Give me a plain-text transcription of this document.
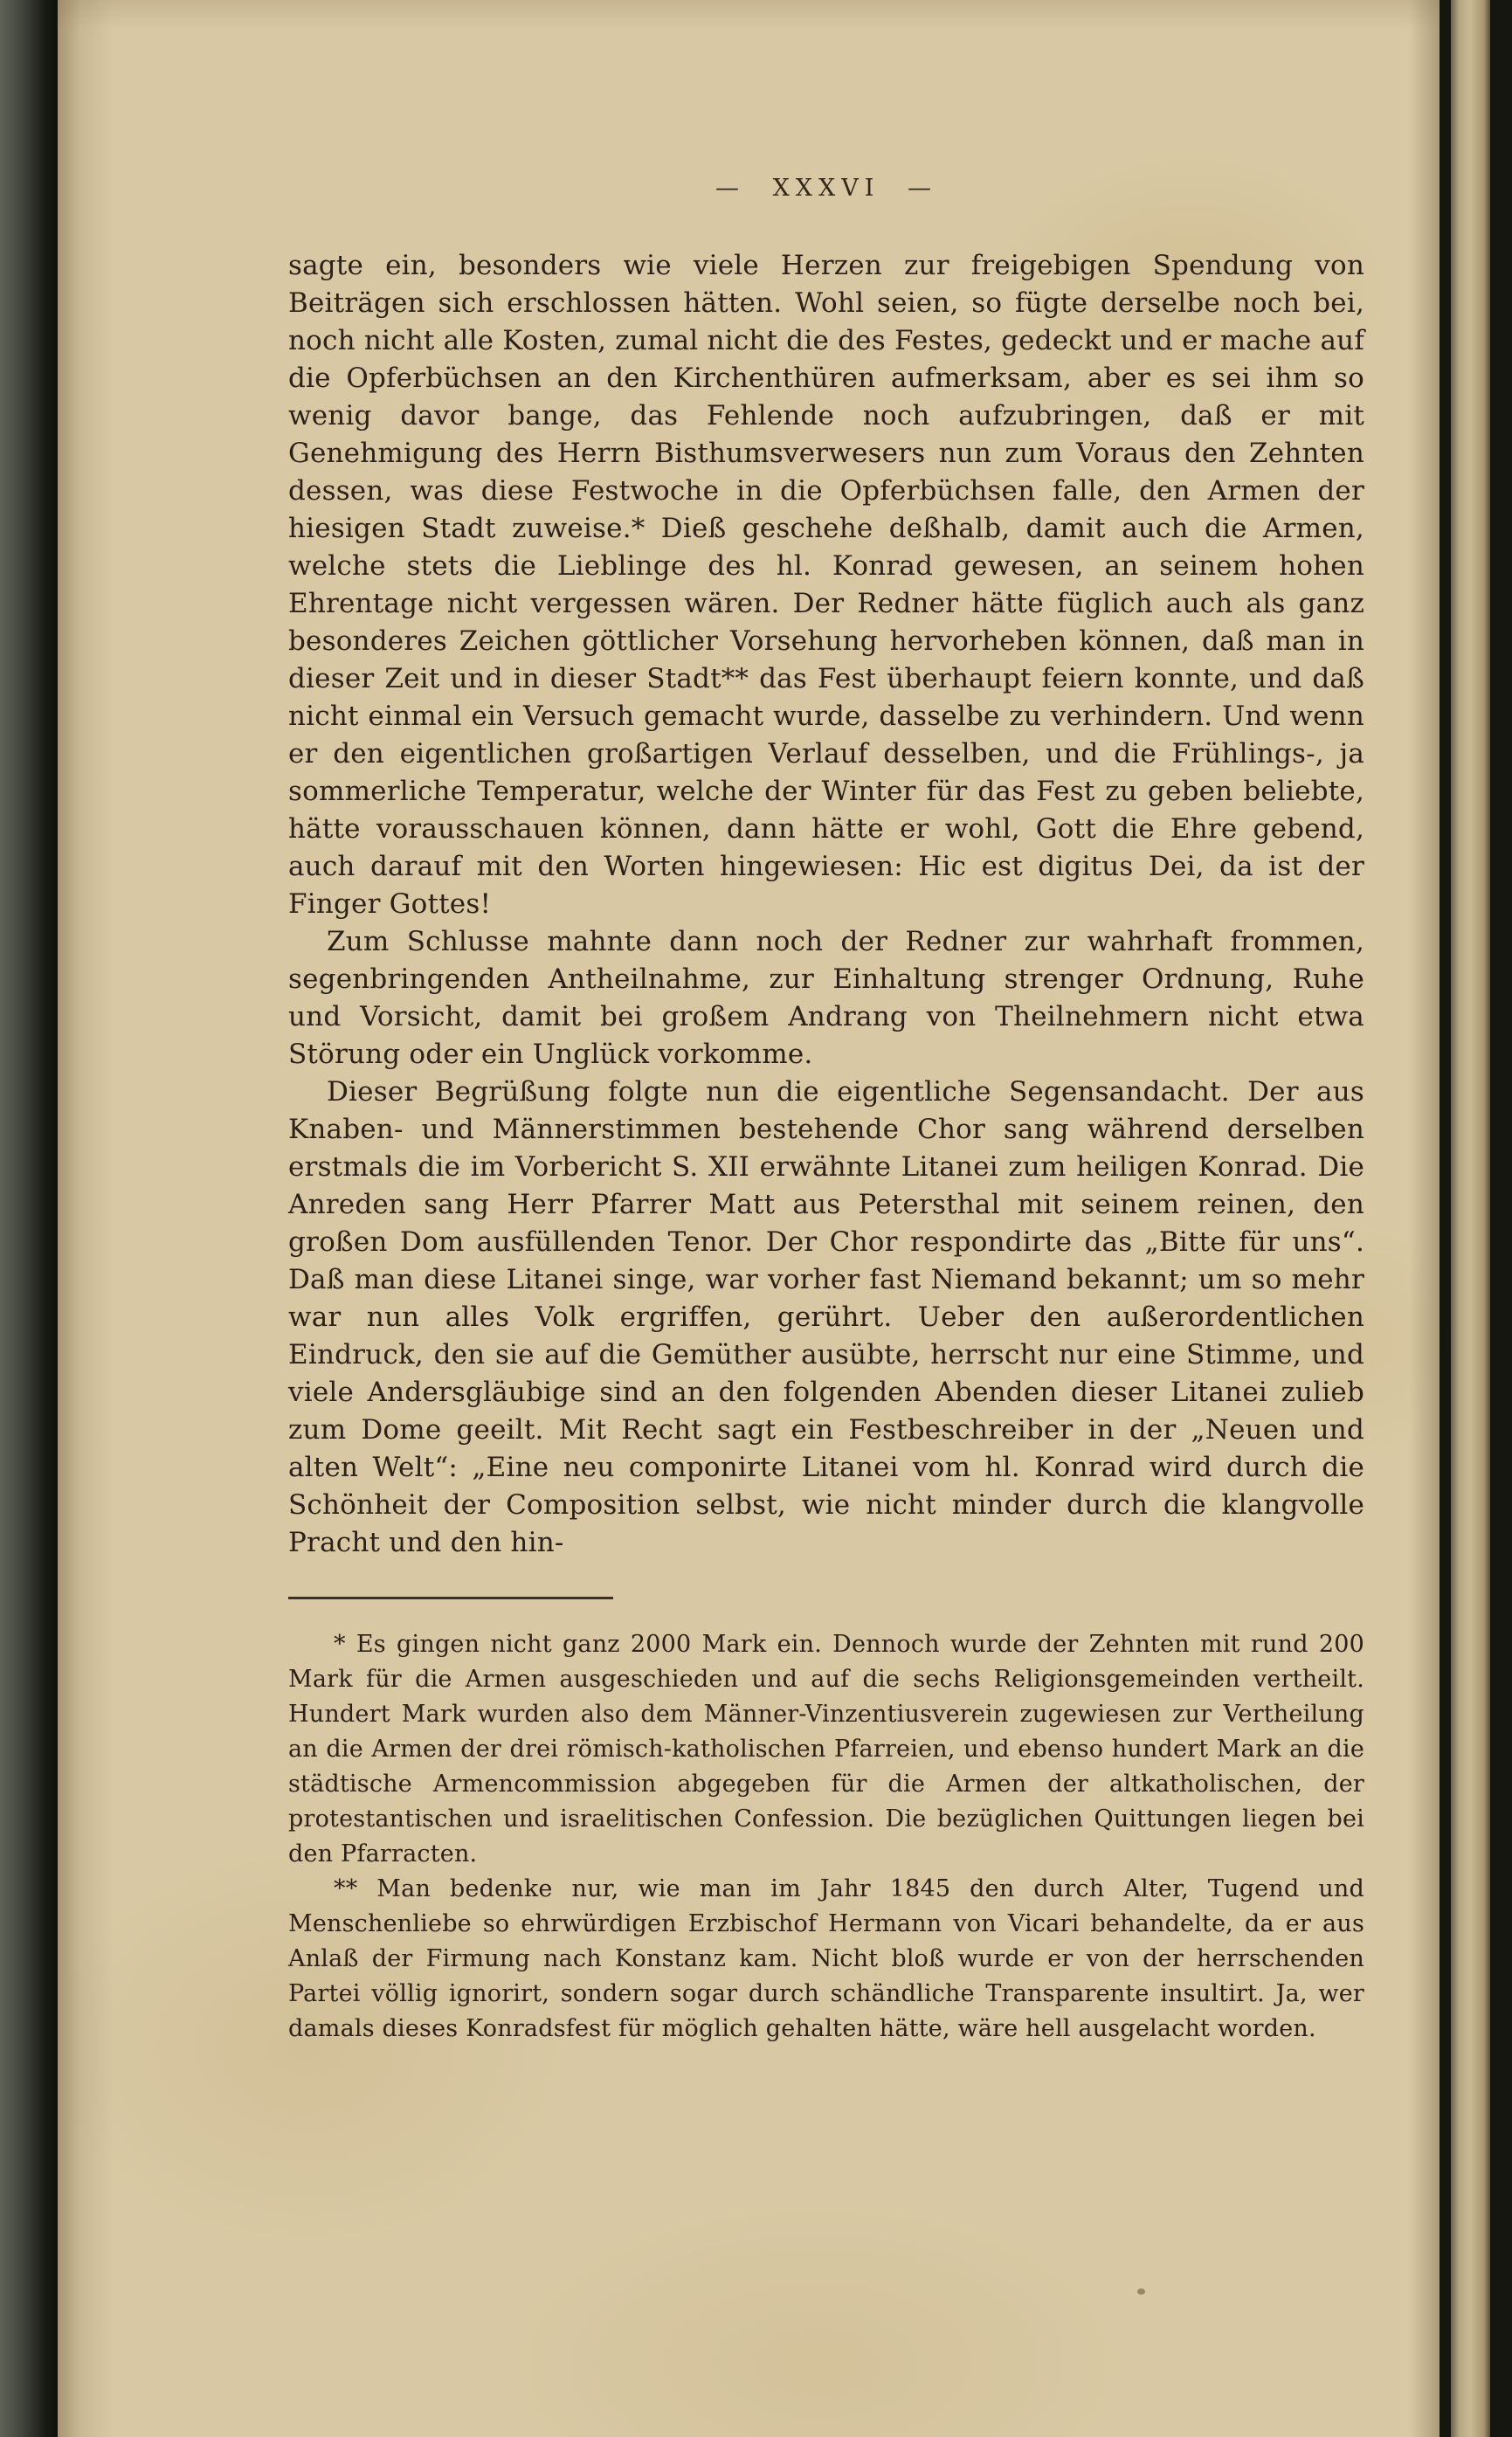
— XXXVI —

sagte ein, besonders wie viele Herzen zur freigebigen Spendung von Beiträgen sich erschlossen hätten. Wohl seien, so fügte derselbe noch bei, noch nicht alle Kosten, zumal nicht die des Festes, gedeckt und er mache auf die Opferbüchsen an den Kirchenthüren aufmerksam, aber es sei ihm so wenig davor bange, das Fehlende noch aufzubringen, daß er mit Genehmigung des Herrn Bisthumsverwesers nun zum Voraus den Zehnten dessen, was diese Festwoche in die Opferbüchsen falle, den Armen der hiesigen Stadt zuweise.* Dieß geschehe deßhalb, damit auch die Armen, welche stets die Lieblinge des hl. Konrad gewesen, an seinem hohen Ehrentage nicht vergessen wären. Der Redner hätte füglich auch als ganz besonderes Zeichen göttlicher Vorsehung hervorheben können, daß man in dieser Zeit und in dieser Stadt** das Fest überhaupt feiern konnte, und daß nicht einmal ein Versuch gemacht wurde, dasselbe zu verhindern. Und wenn er den eigentlichen großartigen Verlauf desselben, und die Frühlings-, ja sommerliche Temperatur, welche der Winter für das Fest zu geben beliebte, hätte vorausschauen können, dann hätte er wohl, Gott die Ehre gebend, auch darauf mit den Worten hingewiesen: Hic est digitus Dei, da ist der Finger Gottes!

Zum Schlusse mahnte dann noch der Redner zur wahrhaft frommen, segenbringenden Antheilnahme, zur Einhaltung strenger Ordnung, Ruhe und Vorsicht, damit bei großem Andrang von Theilnehmern nicht etwa Störung oder ein Unglück vorkomme.

Dieser Begrüßung folgte nun die eigentliche Segensandacht. Der aus Knaben- und Männerstimmen bestehende Chor sang während derselben erstmals die im Vorbericht S. XII erwähnte Litanei zum heiligen Konrad. Die Anreden sang Herr Pfarrer Matt aus Petersthal mit seinem reinen, den großen Dom ausfüllenden Tenor. Der Chor respondirte das „Bitte für uns“. Daß man diese Litanei singe, war vorher fast Niemand bekannt; um so mehr war nun alles Volk ergriffen, gerührt. Ueber den außerordentlichen Eindruck, den sie auf die Gemüther ausübte, herrscht nur eine Stimme, und viele Andersgläubige sind an den folgenden Abenden dieser Litanei zulieb zum Dome geeilt. Mit Recht sagt ein Festbeschreiber in der „Neuen und alten Welt“: „Eine neu componirte Litanei vom hl. Konrad wird durch die Schönheit der Composition selbst, wie nicht minder durch die klangvolle Pracht und den hin-

* Es gingen nicht ganz 2000 Mark ein. Dennoch wurde der Zehnten mit rund 200 Mark für die Armen ausgeschieden und auf die sechs Religionsgemeinden vertheilt. Hundert Mark wurden also dem Männer-Vinzentiusverein zugewiesen zur Vertheilung an die Armen der drei römisch-katholischen Pfarreien, und ebenso hundert Mark an die städtische Armencommission abgegeben für die Armen der altkatholischen, der protestantischen und israelitischen Confession. Die bezüglichen Quittungen liegen bei den Pfarracten.

** Man bedenke nur, wie man im Jahr 1845 den durch Alter, Tugend und Menschenliebe so ehrwürdigen Erzbischof Hermann von Vicari behandelte, da er aus Anlaß der Firmung nach Konstanz kam. Nicht bloß wurde er von der herrschenden Partei völlig ignorirt, sondern sogar durch schändliche Transparente insultirt. Ja, wer damals dieses Konradsfest für möglich gehalten hätte, wäre hell ausgelacht worden.
